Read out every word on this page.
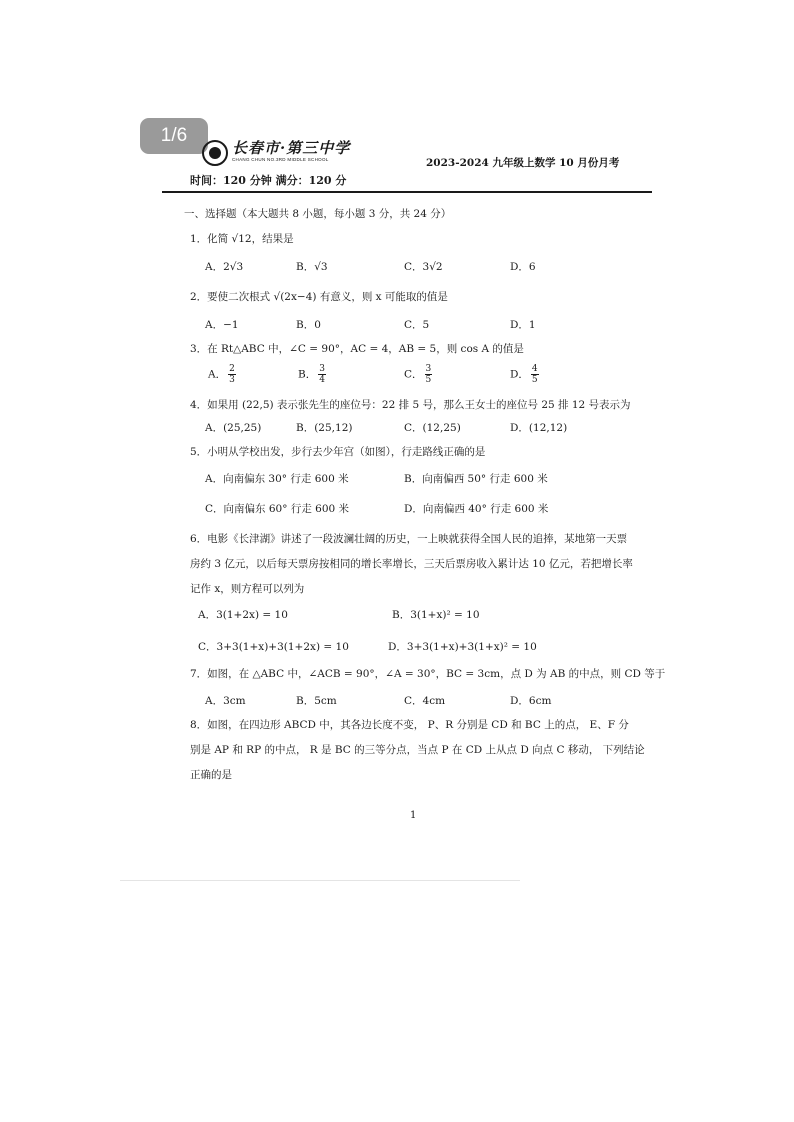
1/6
长春市·第三中学
CHANG CHUN NO.3RD MIDDLE SCHOOL	2023-2024 九年级上数学 10 月份月考
时间：120 分钟 满分：120 分
一、选择题（本大题共 8 小题，每小题 3 分，共 24 分）
1．化简 √12，结果是
A．2√3	B．√3	C．3√2	D．6
2．要使二次根式 √(2x−4) 有意义，则 x 可能取的值是
A．−1	B．0	C．5	D．1
3．在 Rt△ABC 中，∠C = 90°，AC = 4，AB = 5，则 cos A 的值是
A． $\frac{2}{3}$	B． $\frac{3}{4}$	C． $\frac{3}{5}$	D． $\frac{4}{5}$
4．如果用 (22,5) 表示张先生的座位号：22 排 5 号，那么王女士的座位号 25 排 12 号表示为
A．(25,25)	B．(25,12)	C．(12,25)	D．(12,12)
5．小明从学校出发，步行去少年宫（如图），行走路线正确的是
A．向南偏东 30° 行走 600 米	B．向南偏西 50° 行走 600 米
C．向南偏东 60° 行走 600 米	D．向南偏西 40° 行走 600 米
6．电影《长津湖》讲述了一段波澜壮阔的历史，一上映就获得全国人民的追捧，某地第一天票
房约 3 亿元，以后每天票房按相同的增长率增长，三天后票房收入累计达 10 亿元，若把增长率
记作 x，则方程可以列为
A．3(1+2x) = 10	B．3(1+x)² = 10
C．3+3(1+x)+3(1+2x) = 10	D．3+3(1+x)+3(1+x)² = 10
7．如图，在 △ABC 中，∠ACB = 90°，∠A = 30°，BC = 3cm，点 D 为 AB 的中点，则 CD 等于
A．3cm	B．5cm	C．4cm	D．6cm
8．如图，在四边形 ABCD 中，其各边长度不变， P、R 分别是 CD 和 BC 上的点， E、F 分
别是 AP 和 RP 的中点， R 是 BC 的三等分点，当点 P 在 CD 上从点 D 向点 C 移动， 下列结论
正确的是
1
